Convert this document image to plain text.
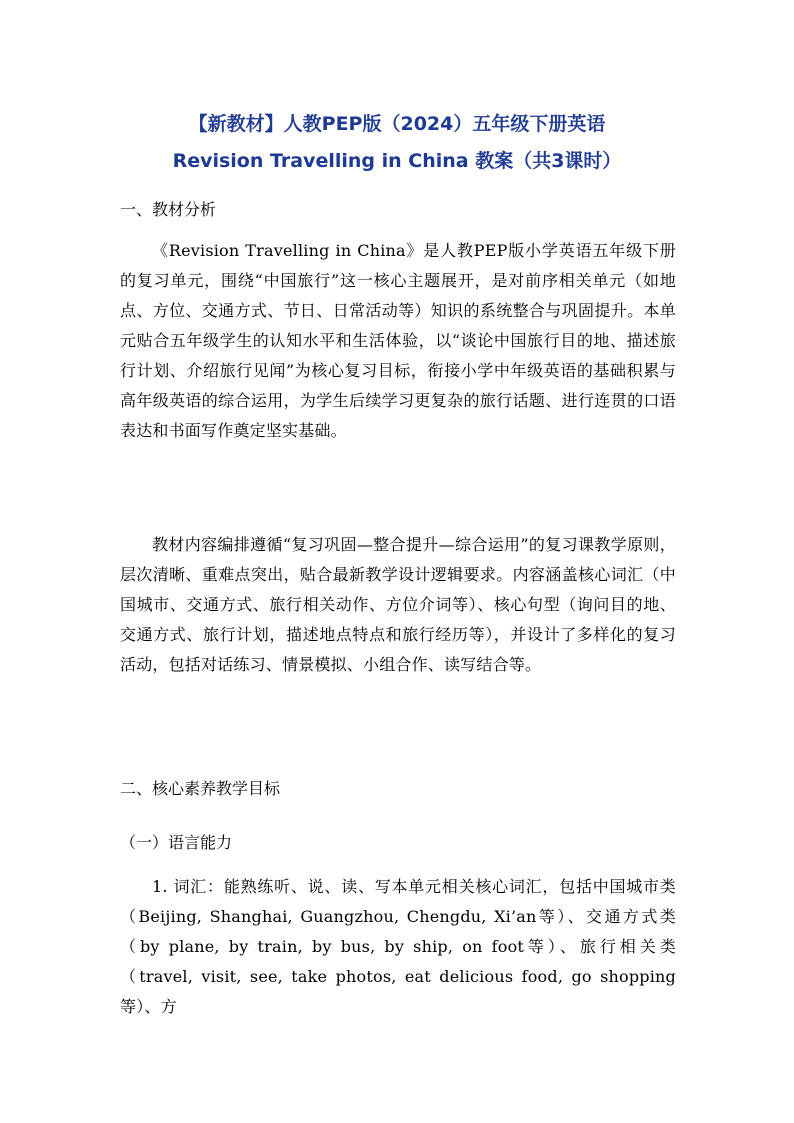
【新教材】人教PEP版（2024）五年级下册英语
Revision Travelling in China 教案（共3课时）
一、教材分析
《Revision Travelling in China》是人教PEP版小学英语五年级下册的复习单元，围绕“中国旅行”这一核心主题展开，是对前序相关单元（如地点、方位、交通方式、节日、日常活动等）知识的系统整合与巩固提升。本单元贴合五年级学生的认知水平和生活体验，以“谈论中国旅行目的地、描述旅行计划、介绍旅行见闻”为核心复习目标，衔接小学中年级英语的基础积累与高年级英语的综合运用，为学生后续学习更复杂的旅行话题、进行连贯的口语表达和书面写作奠定坚实基础。
教材内容编排遵循“复习巩固—整合提升—综合运用”的复习课教学原则，层次清晰、重难点突出，贴合最新教学设计逻辑要求。内容涵盖核心词汇（中国城市、交通方式、旅行相关动作、方位介词等）、核心句型（询问目的地、交通方式、旅行计划，描述地点特点和旅行经历等），并设计了多样化的复习活动，包括对话练习、情景模拟、小组合作、读写结合等。
二、核心素养教学目标
（一）语言能力
1. 词汇：能熟练听、说、读、写本单元相关核心词汇，包括中国城市类（Beijing, Shanghai, Guangzhou, Chengdu, Xi’an等）、交通方式类（by plane, by train, by bus, by ship, on foot等）、旅行相关类（travel, visit, see, take photos, eat delicious food, go shopping等）、方
